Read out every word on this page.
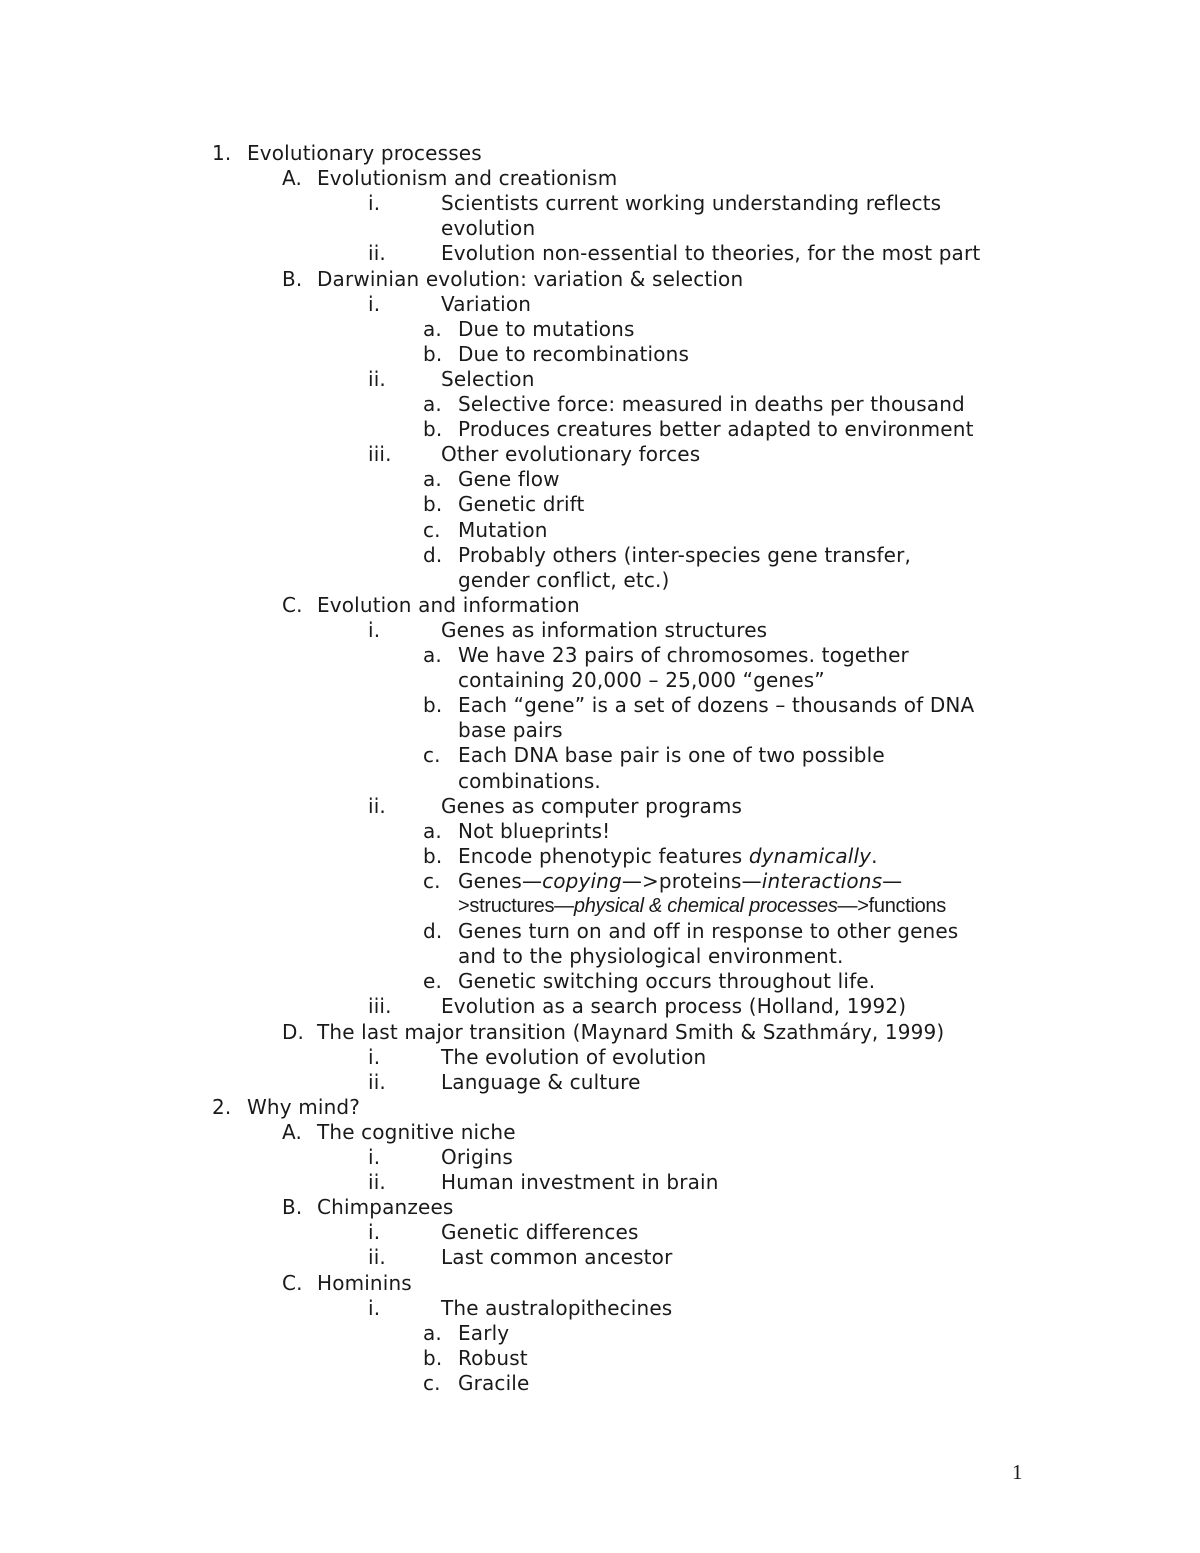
1. Evolutionary processes
A. Evolutionism and creationism
i.	Scientists current working understanding reflects
evolution
ii.	Evolution non-essential to theories, for the most part
B. Darwinian evolution: variation & selection
i.	Variation
a. Due to mutations
b. Due to recombinations
ii.	Selection
a. Selective force: measured in deaths per thousand
b. Produces creatures better adapted to environment
iii. Other evolutionary forces
a. Gene flow
b. Genetic drift
c. Mutation
d. Probably others (inter-species gene transfer,
gender conflict, etc.)
C. Evolution and information
i.	Genes as information structures
a. We have 23 pairs of chromosomes. together
containing 20,000 – 25,000 “genes”
b. Each “gene” is a set of dozens – thousands of DNA
base pairs
c. Each DNA base pair is one of two possible
combinations.
ii.	Genes as computer programs
a. Not blueprints!
b. Encode phenotypic features dynamically.
c. Genes—copying—>proteins—interactions—
>structures—physical & chemical processes—>functions
d. Genes turn on and off in response to other genes
and to the physiological environment.
e. Genetic switching occurs throughout life.
iii. Evolution as a search process (Holland, 1992)
D. The last major transition (Maynard Smith & Szathmáry, 1999)
i.	The evolution of evolution
ii.	Language & culture
2. Why mind?
A. The cognitive niche
i.	Origins
ii.	Human investment in brain
B. Chimpanzees
i.	Genetic differences
ii.	Last common ancestor
C. Hominins
i.	The australopithecines
a. Early
b. Robust
c. Gracile
1
